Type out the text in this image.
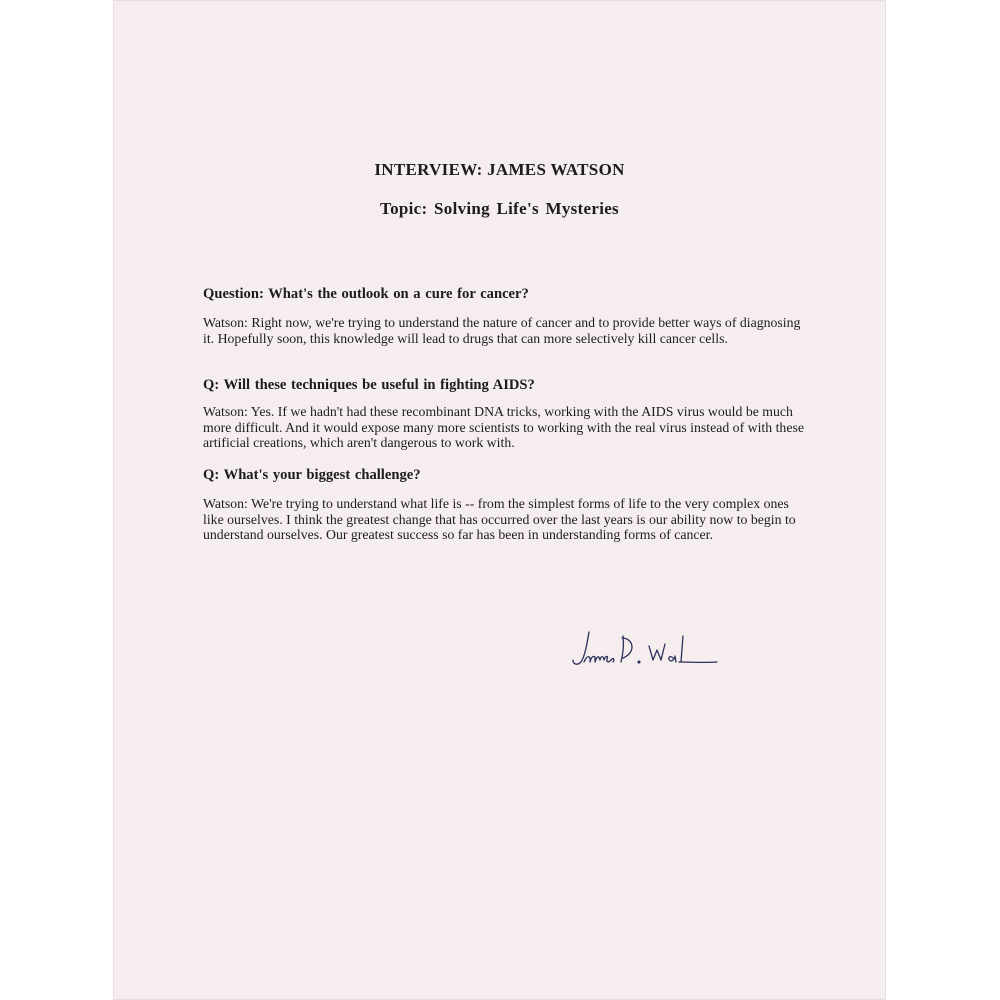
INTERVIEW: JAMES WATSON
Topic: Solving Life's Mysteries

Question: What's the outlook on a cure for cancer?

Watson: Right now, we're trying to understand the nature of cancer and to provide better ways of diagnosing it. Hopefully soon, this knowledge will lead to drugs that can more selectively kill cancer cells.

Q: Will these techniques be useful in fighting AIDS?

Watson: Yes. If we hadn't had these recombinant DNA tricks, working with the AIDS virus would be much more difficult. And it would expose many more scientists to working with the real virus instead of with these artificial creations, which aren't dangerous to work with.

Q: What's your biggest challenge?

Watson: We're trying to understand what life is -- from the simplest forms of life to the very complex ones like ourselves. I think the greatest change that has occurred over the last years is our ability now to begin to understand ourselves. Our greatest success so far has been in understanding forms of cancer.
